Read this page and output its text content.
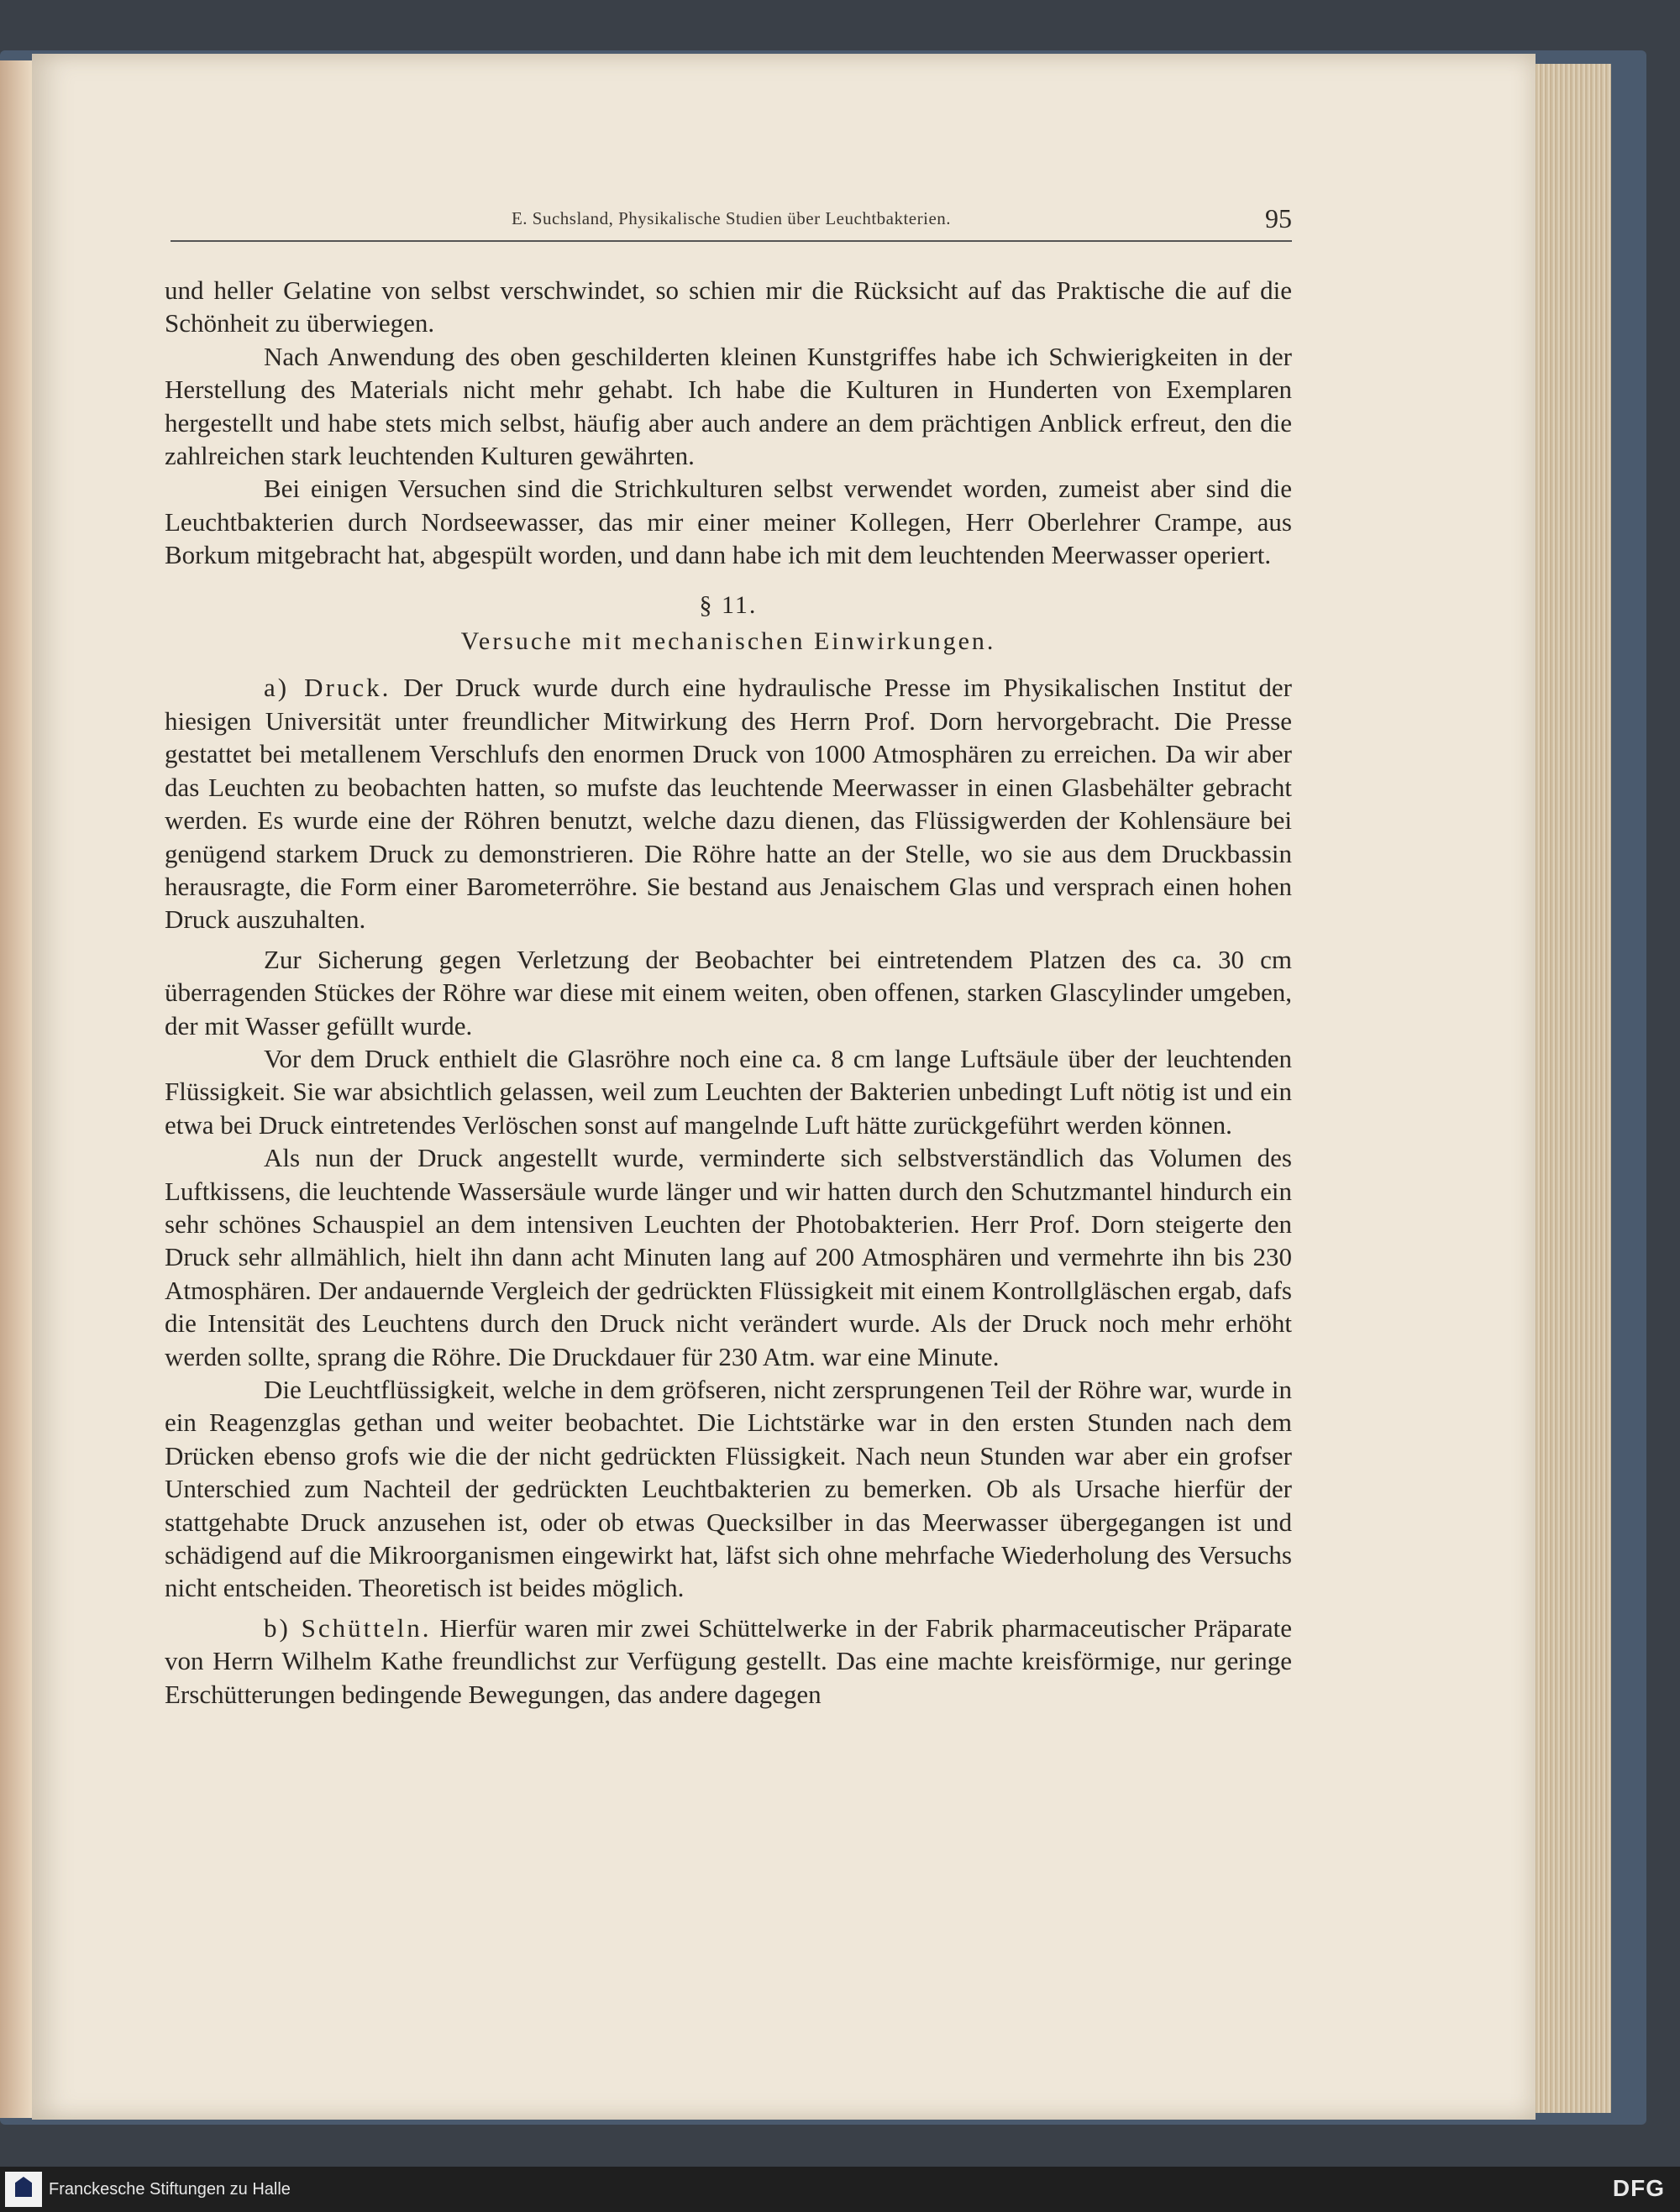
E. Suchsland, Physikalische Studien über Leuchtbakterien.	95

und heller Gelatine von selbst verschwindet, so schien mir die Rücksicht auf das Praktische die auf die Schönheit zu überwiegen.

Nach Anwendung des oben geschilderten kleinen Kunstgriffes habe ich Schwierigkeiten in der Herstellung des Materials nicht mehr gehabt. Ich habe die Kulturen in Hunderten von Exemplaren hergestellt und habe stets mich selbst, häufig aber auch andere an dem prächtigen Anblick erfreut, den die zahlreichen stark leuchtenden Kulturen gewährten.

Bei einigen Versuchen sind die Strichkulturen selbst verwendet worden, zumeist aber sind die Leuchtbakterien durch Nordseewasser, das mir einer meiner Kollegen, Herr Oberlehrer Crampe, aus Borkum mitgebracht hat, abgespült worden, und dann habe ich mit dem leuchtenden Meerwasser operiert.

§ 11.
Versuche mit mechanischen Einwirkungen.

a) Druck. Der Druck wurde durch eine hydraulische Presse im Physikalischen Institut der hiesigen Universität unter freundlicher Mitwirkung des Herrn Prof. Dorn hervorgebracht. Die Presse gestattet bei metallenem Verschlufs den enormen Druck von 1000 Atmosphären zu erreichen. Da wir aber das Leuchten zu beobachten hatten, so mufste das leuchtende Meerwasser in einen Glasbehälter gebracht werden. Es wurde eine der Röhren benutzt, welche dazu dienen, das Flüssigwerden der Kohlensäure bei genügend starkem Druck zu demonstrieren. Die Röhre hatte an der Stelle, wo sie aus dem Druckbassin herausragte, die Form einer Barometerröhre. Sie bestand aus Jenaischem Glas und versprach einen hohen Druck auszuhalten.

Zur Sicherung gegen Verletzung der Beobachter bei eintretendem Platzen des ca. 30 cm überragenden Stückes der Röhre war diese mit einem weiten, oben offenen, starken Glascylinder umgeben, der mit Wasser gefüllt wurde.

Vor dem Druck enthielt die Glasröhre noch eine ca. 8 cm lange Luftsäule über der leuchtenden Flüssigkeit. Sie war absichtlich gelassen, weil zum Leuchten der Bakterien unbedingt Luft nötig ist und ein etwa bei Druck eintretendes Verlöschen sonst auf mangelnde Luft hätte zurückgeführt werden können.

Als nun der Druck angestellt wurde, verminderte sich selbstverständlich das Volumen des Luftkissens, die leuchtende Wassersäule wurde länger und wir hatten durch den Schutzmantel hindurch ein sehr schönes Schauspiel an dem intensiven Leuchten der Photobakterien. Herr Prof. Dorn steigerte den Druck sehr allmählich, hielt ihn dann acht Minuten lang auf 200 Atmosphären und vermehrte ihn bis 230 Atmosphären. Der andauernde Vergleich der gedrückten Flüssigkeit mit einem Kontrollgläschen ergab, dafs die Intensität des Leuchtens durch den Druck nicht verändert wurde. Als der Druck noch mehr erhöht werden sollte, sprang die Röhre. Die Druckdauer für 230 Atm. war eine Minute.

Die Leuchtflüssigkeit, welche in dem gröfseren, nicht zersprungenen Teil der Röhre war, wurde in ein Reagenzglas gethan und weiter beobachtet. Die Lichtstärke war in den ersten Stunden nach dem Drücken ebenso grofs wie die der nicht gedrückten Flüssigkeit. Nach neun Stunden war aber ein grofser Unterschied zum Nachteil der gedrückten Leuchtbakterien zu bemerken. Ob als Ursache hierfür der stattgehabte Druck anzusehen ist, oder ob etwas Quecksilber in das Meerwasser übergegangen ist und schädigend auf die Mikroorganismen eingewirkt hat, läfst sich ohne mehrfache Wiederholung des Versuchs nicht entscheiden. Theoretisch ist beides möglich.

b) Schütteln. Hierfür waren mir zwei Schüttelwerke in der Fabrik pharmaceutischer Präparate von Herrn Wilhelm Kathe freundlichst zur Verfügung gestellt. Das eine machte kreisförmige, nur geringe Erschütterungen bedingende Bewegungen, das andere dagegen

Franckesche Stiftungen zu Halle	DFG
